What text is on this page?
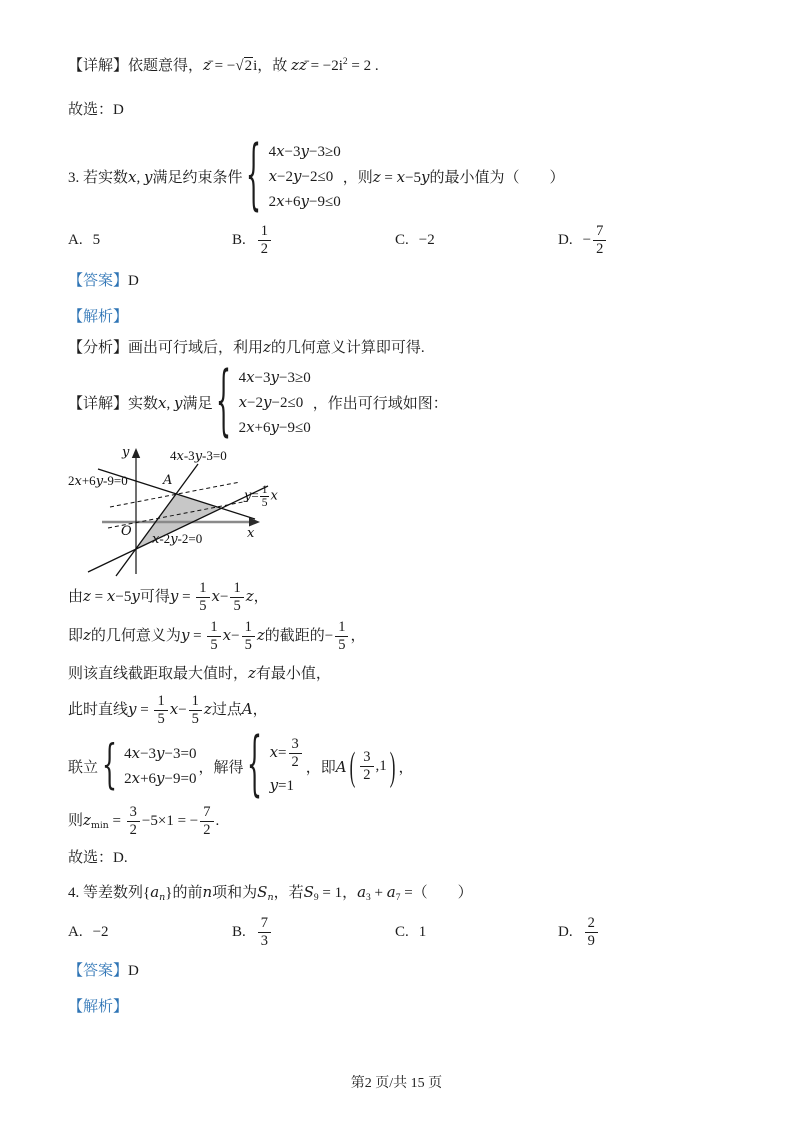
【详解】依题意得，z̄ = −√2i，故 zz̄ = $-2i^2 = 2$ .
故选：D
3. 若实数x, y满足约束条件 { 4x−3y−3≥0
x−2y−2≤0
2x+6y−9≤0
，则z = x−5y的最小值为（　　）
A. 5	B. $\frac{1}{2}$	C. −2	D. − $\frac{7}{2}$
【答案】D
【解析】
【分析】画出可行域后，利用z的几何意义计算即可得.
【详解】实数x, y满足 { 4x−3y−3≥0
x−2y−2≤0
2x+6y−9≤0
，作出可行域如图：
y
x
O
A
4x-3y-3=0
2x+6y-9=0
x-2y-2=0
$y= \frac{1}{5}$ x
由z = x−5y可得$y = \frac{1}{5} x- \frac{1}{5}$ z，
即z的几何意义为$y = \frac{1}{5} x- \frac{1}{5}$ z的截距的− $\frac{1}{5}$ ，
则该直线截距取最大值时，z有最小值，
此时直线$y = \frac{1}{5} x- \frac{1}{5}$ z过点A，
联立 { 4x−3y−3=0
2x+6y−9=0
，解得 { $x= \frac{3}{2}$
y=1
，即A ( $\frac{3}{2} ,1$ ) ，
则$z_{min} = \frac{3}{2} -5\times 1$ = − $\frac{7}{2}$ .
故选：D.
4. 等差数列$\{a_n\}$的前n项和为$S_n$，若$S_9 = 1$，$a_3 + a_7$ =（　　）
A. −2	B. $\frac{7}{3}$	C. 1	D. $\frac{2}{9}$
【答案】D
【解析】
第2 页/共 15 页
